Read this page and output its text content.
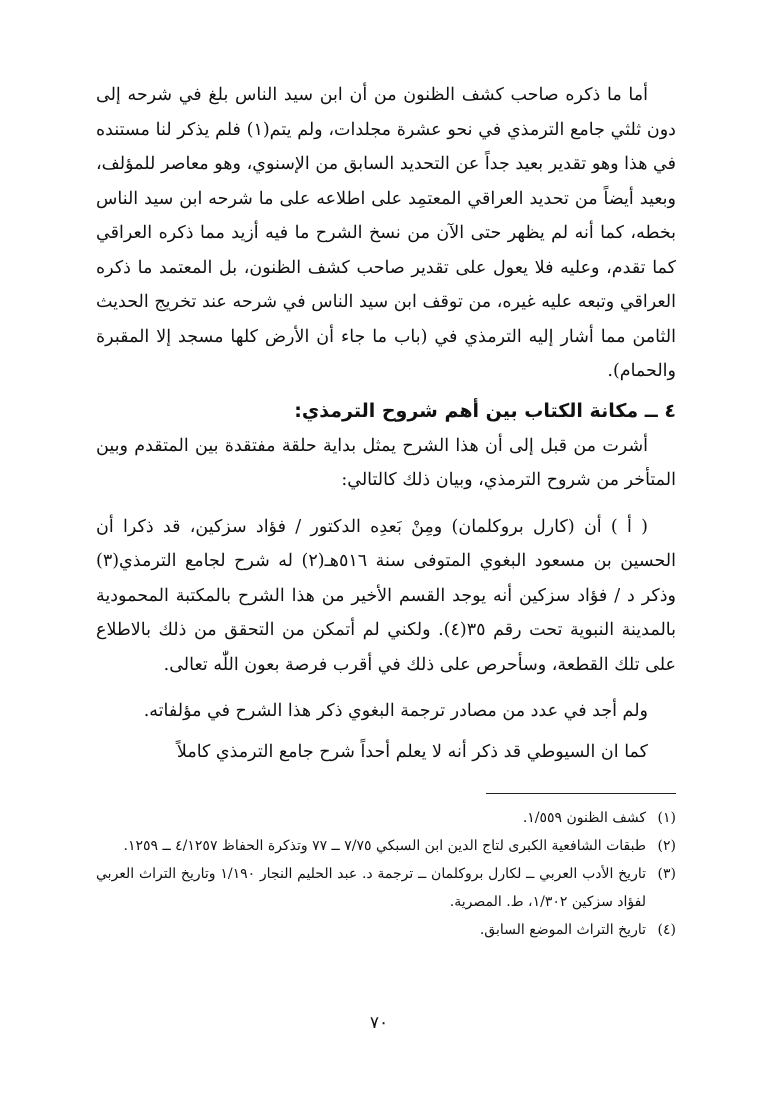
أما ما ذكره صاحب كشف الظنون من أن ابن سيد الناس بلغ في شرحه إلى دون ثلثي جامع الترمذي في نحو عشرة مجلدات، ولم يتم(١) فلم يذكر لنا مستنده في هذا وهو تقدير بعيد جداً عن التحديد السابق من الإسنوي، وهو معاصر للمؤلف، وبعيد أيضاً من تحديد العراقي المعتمِد على اطلاعه على ما شرحه ابن سيد الناس بخطه، كما أنه لم يظهر حتى الآن من نسخ الشرح ما فيه أزيد مما ذكره العراقي كما تقدم، وعليه فلا يعول على تقدير صاحب كشف الظنون، بل المعتمد ما ذكره العراقي وتبعه عليه غيره، من توقف ابن سيد الناس في شرحه عند تخريج الحديث الثامن مما أشار إليه الترمذي في (باب ما جاء أن الأرض كلها مسجد إلا المقبرة والحمام).

٤ ــ مكانة الكتاب بين أهم شروح الترمذي:

أشرت من قبل إلى أن هذا الشرح يمثل بداية حلقة مفتقدة بين المتقدم وبين المتأخر من شروح الترمذي، وبيان ذلك كالتالي:

( أ ) أن (كارل بروكلمان) ومِنْ بَعدِه الدكتور / فؤاد سزكين، قد ذكرا أن الحسين بن مسعود البغوي المتوفى سنة ٥١٦هـ(٢) له شرح لجامع الترمذي(٣) وذكر د / فؤاد سزكين أنه يوجد القسم الأخير من هذا الشرح بالمكتبة المحمودية بالمدينة النبوية تحت رقم ٣٥(٤). ولكني لم أتمكن من التحقق من ذلك بالاطلاع على تلك القطعة، وسأحرص على ذلك في أقرب فرصة بعون اللّٰه تعالى.

ولم أجد في عدد من مصادر ترجمة البغوي ذكر هذا الشرح في مؤلفاته.

كما ان السيوطي قد ذكر أنه لا يعلم أحداً شرح جامع الترمذي كاملاً

(١)
كشف الظنون ١/٥٥٩.
(٢)
طبقات الشافعية الكبرى لتاج الدين ابن السبكي ٧/٧٥ ــ ٧٧ وتذكرة الحفاظ ٤/١٢٥٧ ــ ١٢٥٩.
(٣)
تاريخ الأدب العربي ــ لكارل بروكلمان ــ ترجمة د. عبد الحليم النجار ١/١٩٠ وتاريخ التراث العربي لفؤاد سزكين ١/٣٠٢، ط. المصرية.
(٤)
تاريخ التراث الموضع السابق.
٧٠
